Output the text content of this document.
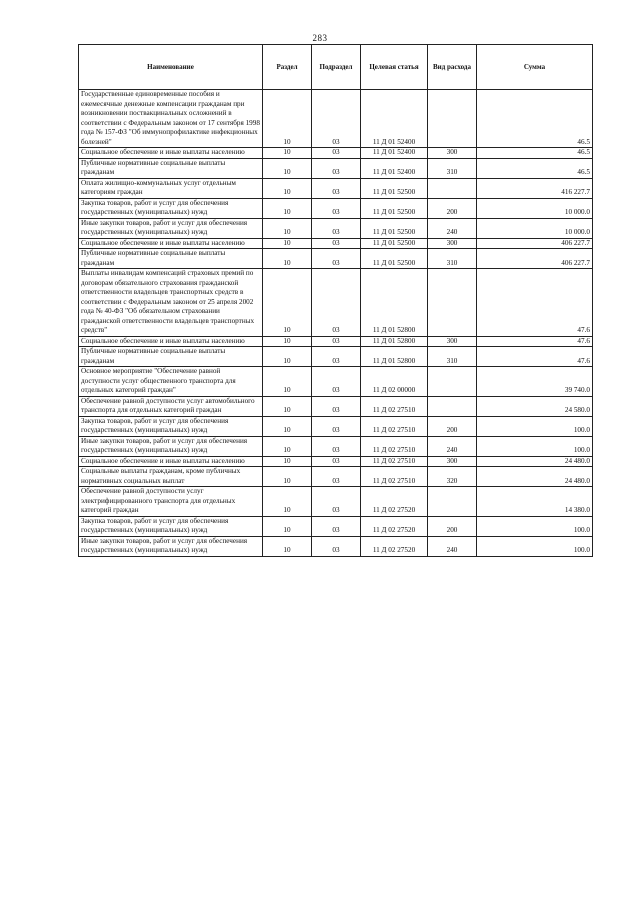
283
Наименование	Раздел	Подраздел	Целевая статья	Вид расхода	Сумма
Государственные единовременные пособия и ежемесячные денежные компенсации гражданам при возникновении поствакцинальных осложнений в соответствии с Федеральным законом от 17 сентября 1998 года № 157-ФЗ "Об иммунопрофилактике инфекционных болезней"	10	03	11 Д 01 52400		46.5
Социальное обеспечение и иные выплаты населению	10	03	11 Д 01 52400	300	46.5
Публичные нормативные социальные выплаты гражданам	10	03	11 Д 01 52400	310	46.5
Оплата жилищно-коммунальных услуг отдельным категориям граждан	10	03	11 Д 01 52500		416 227.7
Закупка товаров, работ и услуг для обеспечения государственных (муниципальных) нужд	10	03	11 Д 01 52500	200	10 000.0
Иные закупки товаров, работ и услуг для обеспечения государственных (муниципальных) нужд	10	03	11 Д 01 52500	240	10 000.0
Социальное обеспечение и иные выплаты населению	10	03	11 Д 01 52500	300	406 227.7
Публичные нормативные социальные выплаты гражданам	10	03	11 Д 01 52500	310	406 227.7
Выплаты инвалидам компенсаций страховых премий по договорам обязательного страхования гражданской ответственности владельцев транспортных средств в соответствии с Федеральным законом от 25 апреля 2002 года № 40-ФЗ "Об обязательном страховании гражданской ответственности владельцев транспортных средств"	10	03	11 Д 01 52800		47.6
Социальное обеспечение и иные выплаты населению	10	03	11 Д 01 52800	300	47.6
Публичные нормативные социальные выплаты гражданам	10	03	11 Д 01 52800	310	47.6
Основное мероприятие "Обеспечение равной доступности услуг общественного транспорта для отдельных категорий граждан"	10	03	11 Д 02 00000		39 740.0
Обеспечение равной доступности услуг автомобильного транспорта для отдельных категорий граждан	10	03	11 Д 02 27510		24 580.0
Закупка товаров, работ и услуг для обеспечения государственных (муниципальных) нужд	10	03	11 Д 02 27510	200	100.0
Иные закупки товаров, работ и услуг для обеспечения государственных (муниципальных) нужд	10	03	11 Д 02 27510	240	100.0
Социальное обеспечение и иные выплаты населению	10	03	11 Д 02 27510	300	24 480.0
Социальные выплаты гражданам, кроме публичных нормативных социальных выплат	10	03	11 Д 02 27510	320	24 480.0
Обеспечение равной доступности услуг электрифицированного транспорта для отдельных категорий граждан	10	03	11 Д 02 27520		14 380.0
Закупка товаров, работ и услуг для обеспечения государственных (муниципальных) нужд	10	03	11 Д 02 27520	200	100.0
Иные закупки товаров, работ и услуг для обеспечения государственных (муниципальных) нужд	10	03	11 Д 02 27520	240	100.0
